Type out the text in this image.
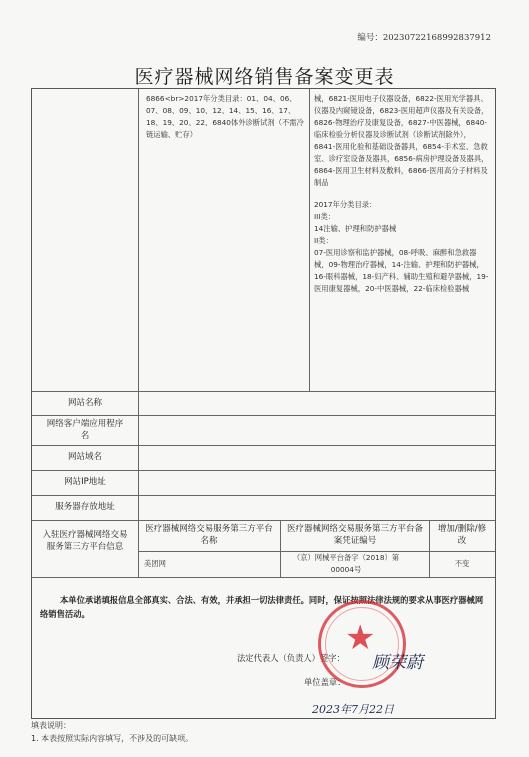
编号：20230722168992837912
医疗器械网络销售备案变更表
6866<br>2017年分类目录：01、04、06、07、08、09、10、12、14、15、16、17、18、19、20、22、6840体外诊断试剂（不需冷链运输、贮存）
械，6821-医用电子仪器设备，6822-医用光学器具、仪器及内窥镜设备，6823-医用超声仪器及有关设备，6826-物理治疗及康复设备，6827-中医器械，6840-临床检验分析仪器及诊断试剂（诊断试剂除外），6841-医用化验和基础设备器具，6854-手术室、急救室、诊疗室设备及器具，6856-病房护理设备及器具，6864-医用卫生材料及敷料，6866-医用高分子材料及制品
2017年分类目录：
III类：
14注输、护理和防护器械
II类：
07-医用诊察和监护器械，08-呼吸、麻醉和急救器械，09-物理治疗器械，14-注输、护理和防护器械，16-眼科器械，18-妇产科、辅助生殖和避孕器械，19-医用康复器械，20-中医器械，22-临床检验器械
网站名称
网络客户端应用程序名
网站域名
网站IP地址
服务器存放地址
入驻医疗器械网络交易服务第三方平台信息
医疗器械网络交易服务第三方平台名称
医疗器械网络交易服务第三方平台备案凭证编号
增加/删除/修改
美团网
（京）网械平台备字（2018）第00004号
不变
本单位承诺填报信息全部真实、合法、有效，并承担一切法律责任。同时，保证按照法律法规的要求从事医疗器械网络销售活动。
法定代表人（负责人）签字：
单位盖章：
★
顾荣蔚
2023年7月22日
填表说明：
1. 本表按照实际内容填写，不涉及的可缺项。
